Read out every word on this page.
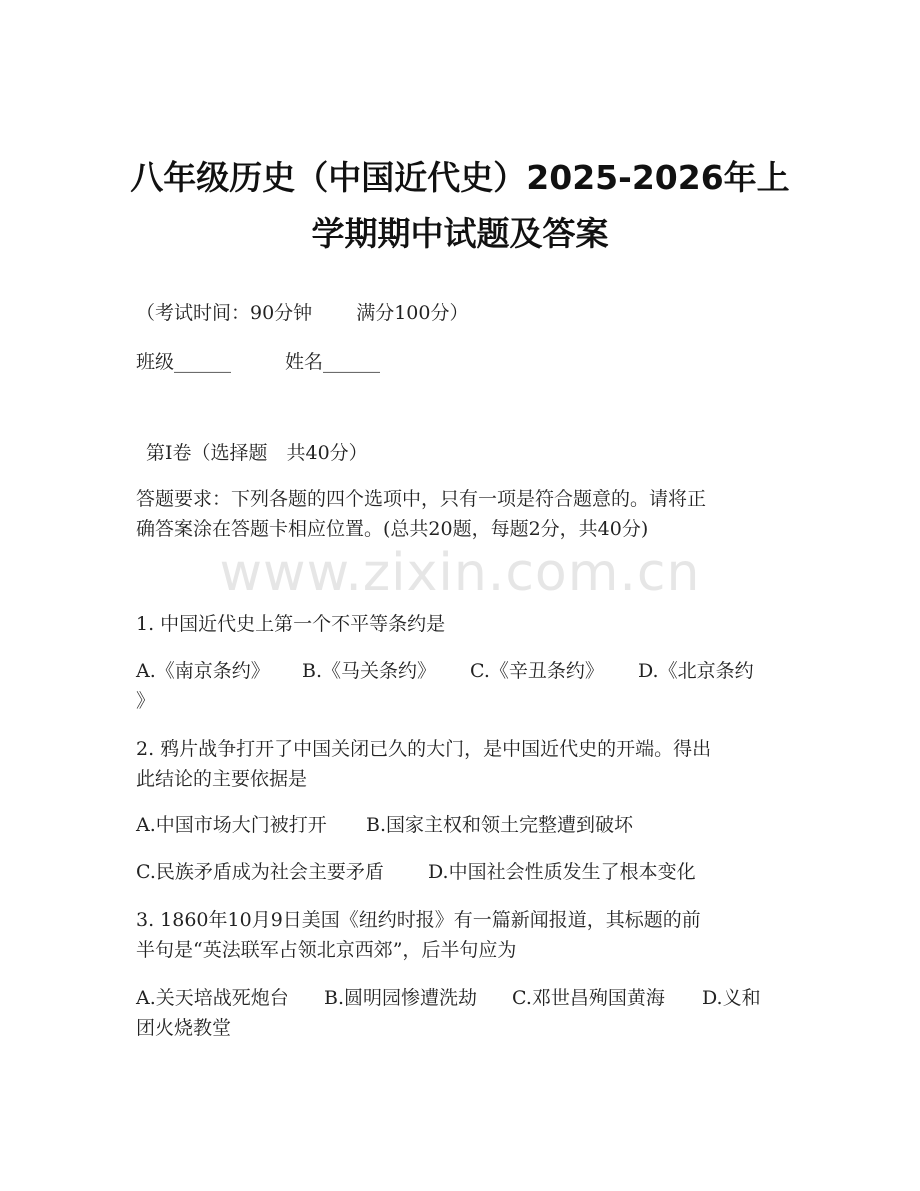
www.zixin.com.cn
八年级历史（中国近代史）2025-2026年上
学期期中试题及答案
（考试时间：90分钟 满分100分）
班级______	姓名______
第Ⅰ卷（选择题　共40分）
答题要求：下列各题的四个选项中，只有一项是符合题意的。请将正
确答案涂在答题卡相应位置。(总共20题，每题2分，共40分)
1. 中国近代史上第一个不平等条约是
A.《南京条约》 B.《马关条约》 C.《辛丑条约》 D.《北京条约
》
2. 鸦片战争打开了中国关闭已久的大门，是中国近代史的开端。得出
此结论的主要依据是
A.中国市场大门被打开 B.国家主权和领土完整遭到破坏
C.民族矛盾成为社会主要矛盾 D.中国社会性质发生了根本变化
3. 1860年10月9日美国《纽约时报》有一篇新闻报道，其标题的前
半句是“英法联军占领北京西郊”，后半句应为
A.关天培战死炮台 B.圆明园惨遭洗劫 C.邓世昌殉国黄海 D.义和
团火烧教堂
